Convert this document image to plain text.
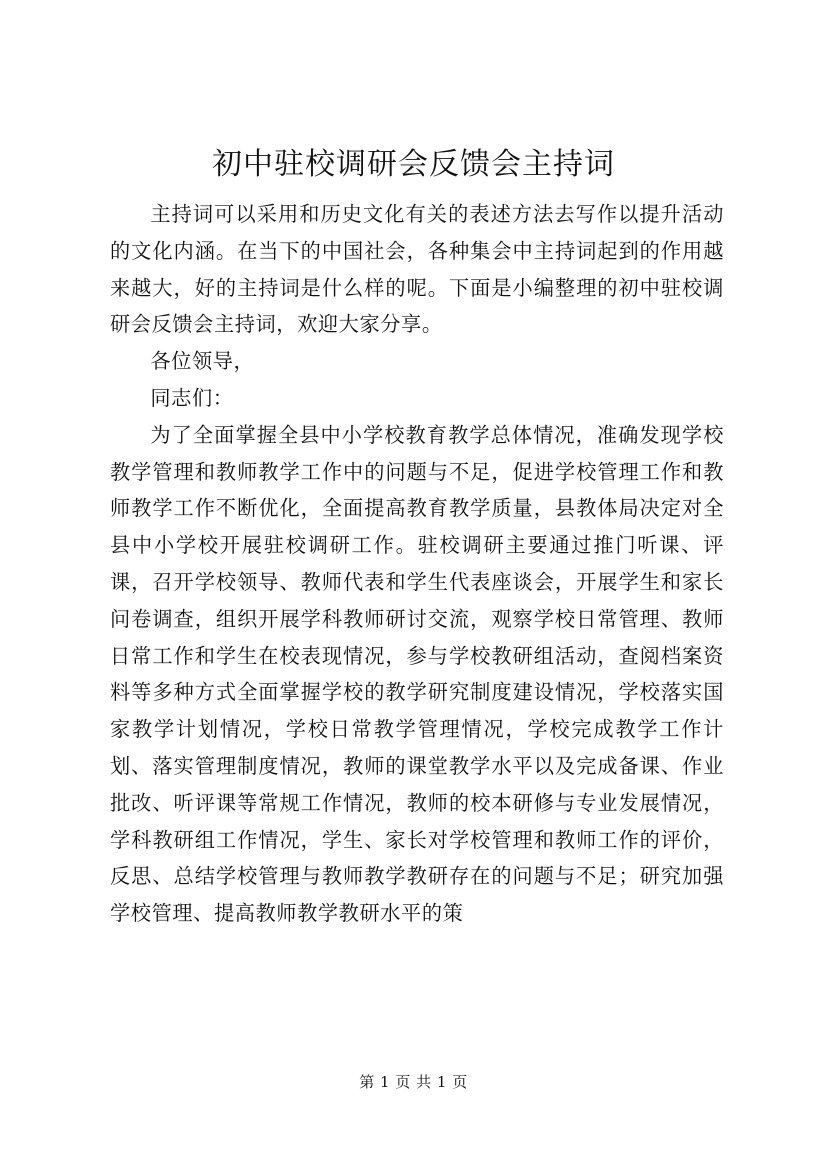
初中驻校调研会反馈会主持词

主持词可以采用和历史文化有关的表述方法去写作以提升活动的文化内涵。在当下的中国社会，各种集会中主持词起到的作用越来越大，好的主持词是什么样的呢。下面是小编整理的初中驻校调研会反馈会主持词，欢迎大家分享。

各位领导，

同志们：

为了全面掌握全县中小学校教育教学总体情况，准确发现学校教学管理和教师教学工作中的问题与不足，促进学校管理工作和教师教学工作不断优化，全面提高教育教学质量，县教体局决定对全县中小学校开展驻校调研工作。驻校调研主要通过推门听课、评课，召开学校领导、教师代表和学生代表座谈会，开展学生和家长问卷调查，组织开展学科教师研讨交流，观察学校日常管理、教师日常工作和学生在校表现情况，参与学校教研组活动，查阅档案资料等多种方式全面掌握学校的教学研究制度建设情况，学校落实国家教学计划情况，学校日常教学管理情况，学校完成教学工作计划、落实管理制度情况，教师的课堂教学水平以及完成备课、作业批改、听评课等常规工作情况，教师的校本研修与专业发展情况，学科教研组工作情况，学生、家长对学校管理和教师工作的评价，反思、总结学校管理与教师教学教研存在的问题与不足；研究加强学校管理、提高教师教学教研水平的策

第 1 页 共 1 页
